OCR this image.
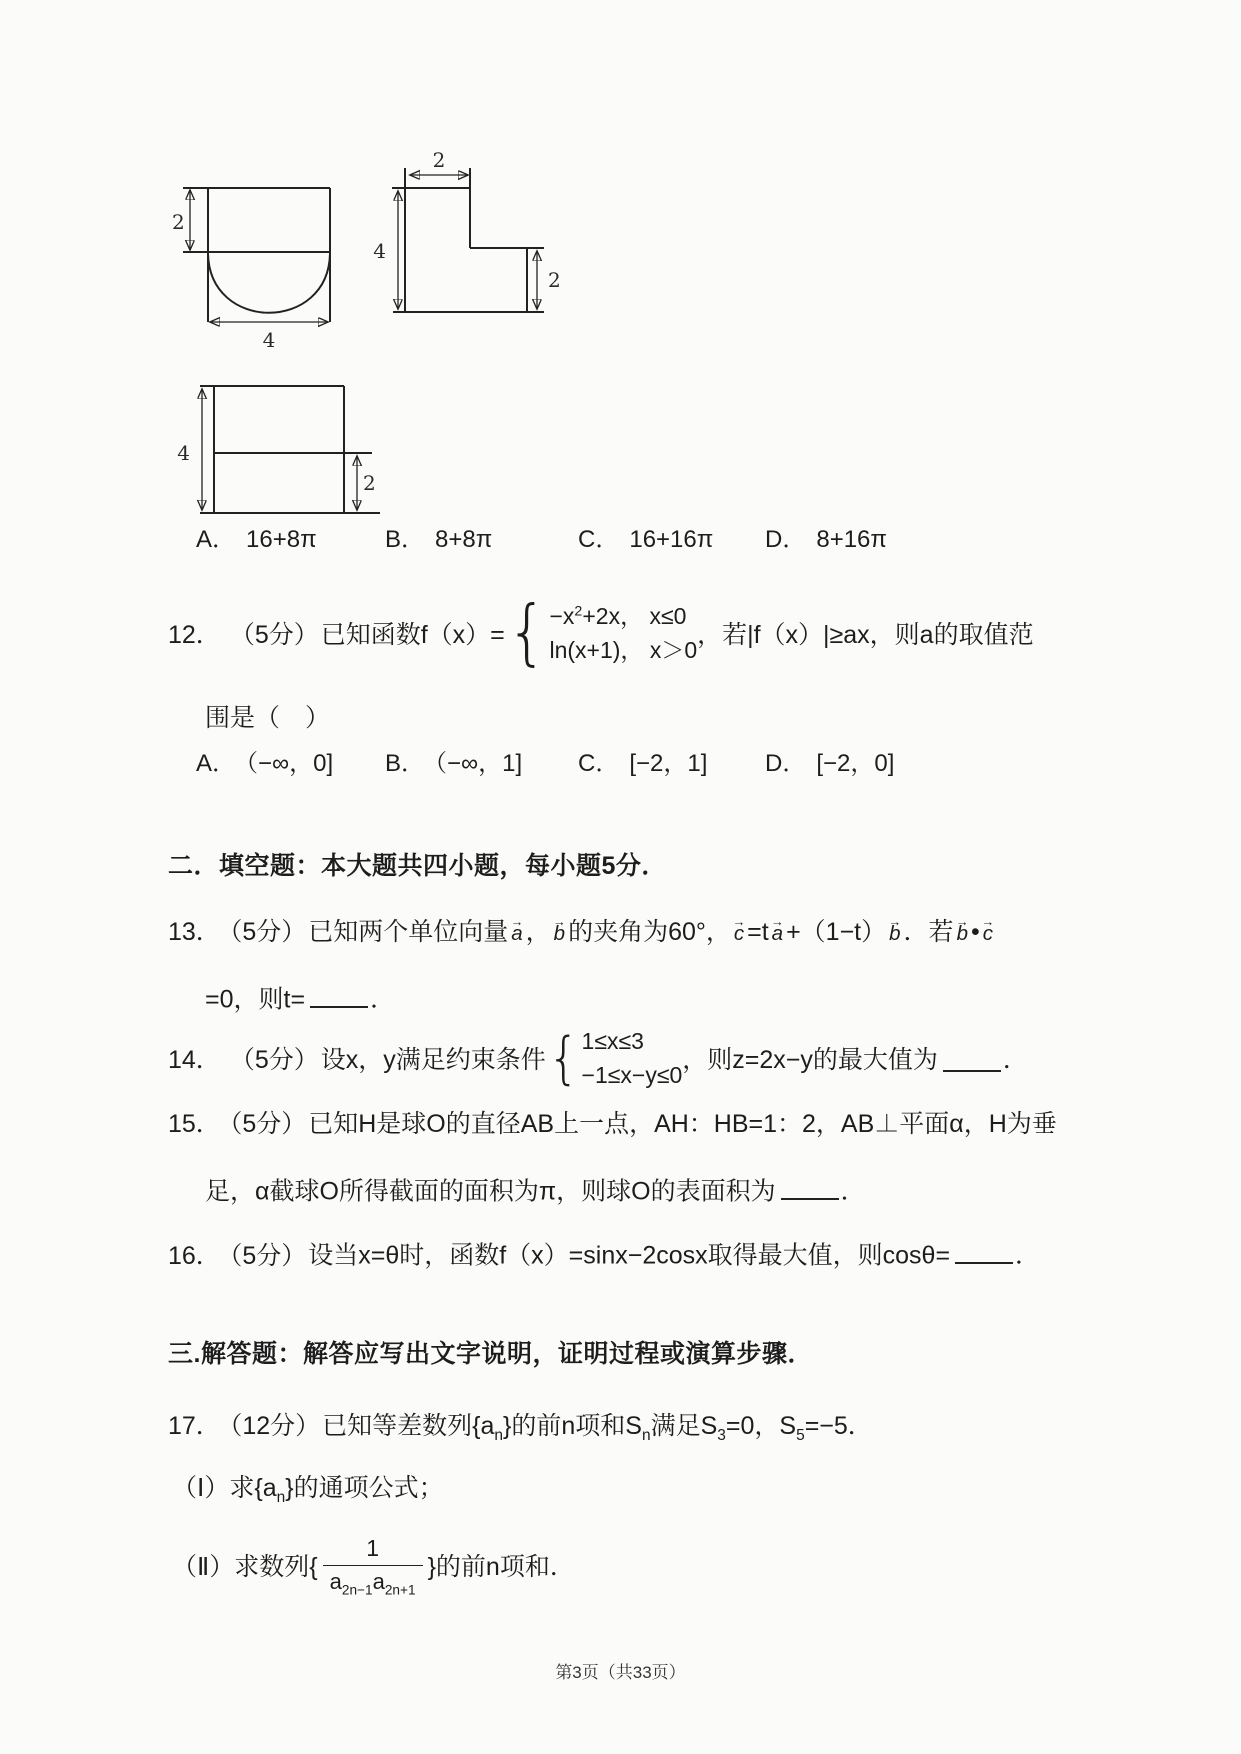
2
4
2
4
2
4
2
A． 16+8π	B． 8+8π	C． 16+16π D． 8+16π
12． （5分） 已知函数f（x）= { $-x^2+2x$， x≤0
ln(x+1)， x＞0
，若|f（x）|≥ax，则a的取值范
围是（　）
A． （−∞，0] B． （−∞，1] C． [−2，1] D． [−2，0]
二．填空题：本大题共四小题，每小题5分．
13． （5分）已知两个单位向量 a → ， b → 的夹角为60°， c → =t a → +（1−t） b → ．若 b → • c →
=0，则t=	．
14． （5分） 设x，y满足约束条件 { 1≤x≤3
−1≤x−y≤0
，则z=2x−y的最大值为	．
15． （5分）已知H是球O的直径AB上一点，AH：HB=1：2，AB⊥平面α，H为垂
足，α截球O所得截面的面积为π，则球O的表面积为	．
16． （5分）设当x=θ时，函数f（x）=sinx−2cosx取得最大值，则cosθ=	．
三.解答题：解答应写出文字说明，证明过程或演算步骤．
17． （12分）已知等差数列$\{a_n\}$的前n项和$S_n$满足$S_3=0$，$S_5=-5$．
（Ⅰ）求$\{a_n\}$的通项公式；
（Ⅱ）求数列{ $\frac{1}{a_{2n-1}a_{2n+1}}$ }的前n项和．
第3页（共33页）
